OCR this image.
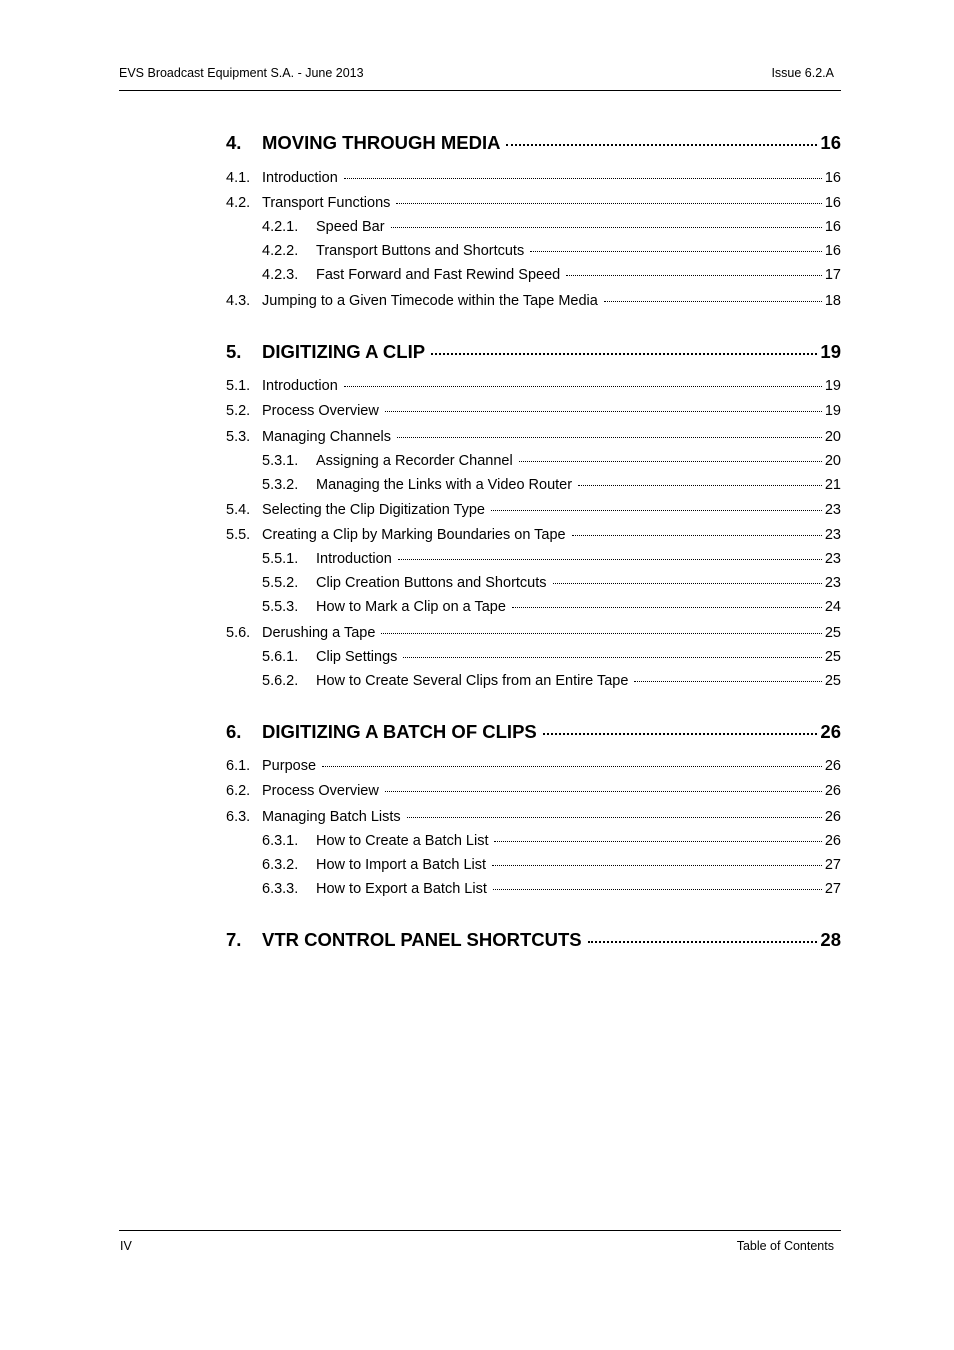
EVS Broadcast Equipment S.A. - June 2013	Issue 6.2.A
4.	MOVING THROUGH MEDIA	16
4.1. Introduction	16
4.2. Transport Functions	16
4.2.1.	Speed Bar	16
4.2.2.	Transport Buttons and Shortcuts	16
4.2.3.	Fast Forward and Fast Rewind Speed	17
4.3. Jumping to a Given Timecode within the Tape Media	18
5.	DIGITIZING A CLIP	19
5.1. Introduction	19
5.2. Process Overview	19
5.3. Managing Channels	20
5.3.1.	Assigning a Recorder Channel	20
5.3.2.	Managing the Links with a Video Router	21
5.4. Selecting the Clip Digitization Type	23
5.5. Creating a Clip by Marking Boundaries on Tape	23
5.5.1.	Introduction	23
5.5.2.	Clip Creation Buttons and Shortcuts	23
5.5.3.	How to Mark a Clip on a Tape	24
5.6. Derushing a Tape	25
5.6.1.	Clip Settings	25
5.6.2.	How to Create Several Clips from an Entire Tape	25
6.	DIGITIZING A BATCH OF CLIPS	26
6.1. Purpose	26
6.2. Process Overview	26
6.3. Managing Batch Lists	26
6.3.1.	How to Create a Batch List	26
6.3.2.	How to Import a Batch List	27
6.3.3.	How to Export a Batch List	27
7.	VTR CONTROL PANEL SHORTCUTS	28
IV	Table of Contents
